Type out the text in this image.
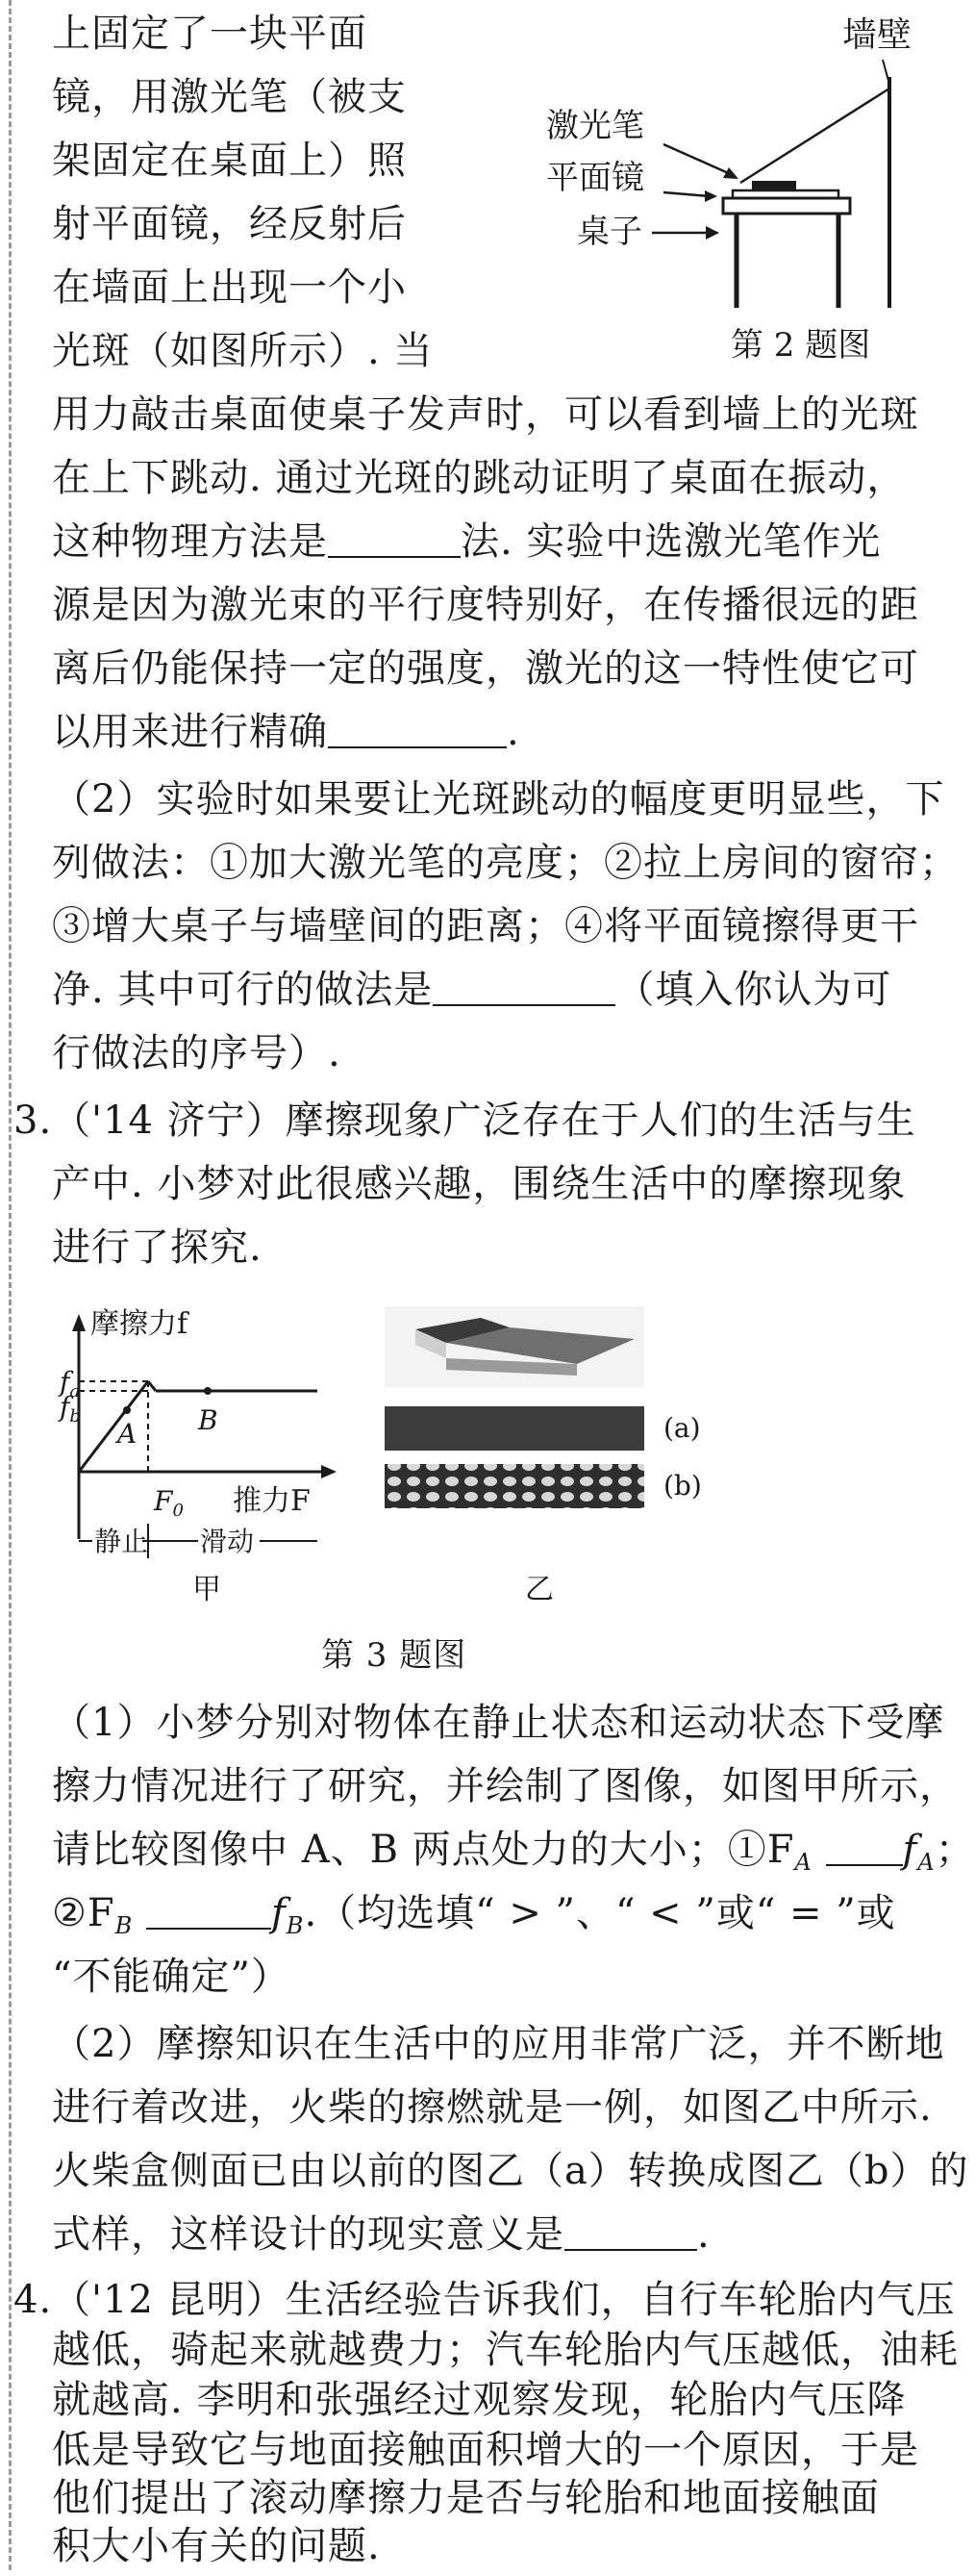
上固定了一块平面
镜，用激光笔（被支
架固定在桌面上）照
射平面镜，经反射后
在墙面上出现一个小
光斑（如图所示）. 当
墙壁
激光笔
平面镜
桌子
第 2 题图
用力敲击桌面使桌子发声时，可以看到墙上的光斑
在上下跳动. 通过光斑的跳动证明了桌面在振动，
这种物理方法是	法. 实验中选激光笔作光
源是因为激光束的平行度特别好，在传播很远的距
离后仍能保持一定的强度，激光的这一特性使它可
以用来进行精确	.
（2）实验时如果要让光斑跳动的幅度更明显些，下
列做法：①加大激光笔的亮度；②拉上房间的窗帘；
③增大桌子与墙壁间的距离；④将平面镜擦得更干
净. 其中可行的做法是	（填入你认为可
行做法的序号）.
3. （'14 济宁）摩擦现象广泛存在于人们的生活与生
产中. 小梦对此很感兴趣，围绕生活中的摩擦现象
进行了探究.
摩擦力f
$f_a$
$f_b$
A B
$F_0$ 推力F
静止 滑动
甲
(a)
(b)
乙
第 3 题图
（1）小梦分别对物体在静止状态和运动状态下受摩
擦力情况进行了研究，并绘制了图像，如图甲所示，
请比较图像中 A、B 两点处力的大小；$①F_A$ $f_A$；
$②F_B$	$f_B$.（均选填“ > ”、“ < ”或“ = ”或
“不能确定”）
（2）摩擦知识在生活中的应用非常广泛，并不断地
进行着改进，火柴的擦燃就是一例，如图乙中所示.
火柴盒侧面已由以前的图乙（a）转换成图乙（b）的
式样，这样设计的现实意义是	.
4. （'12 昆明）生活经验告诉我们，自行车轮胎内气压
越低，骑起来就越费力；汽车轮胎内气压越低，油耗
就越高. 李明和张强经过观察发现，轮胎内气压降
低是导致它与地面接触面积增大的一个原因，于是
他们提出了滚动摩擦力是否与轮胎和地面接触面
积大小有关的问题.
